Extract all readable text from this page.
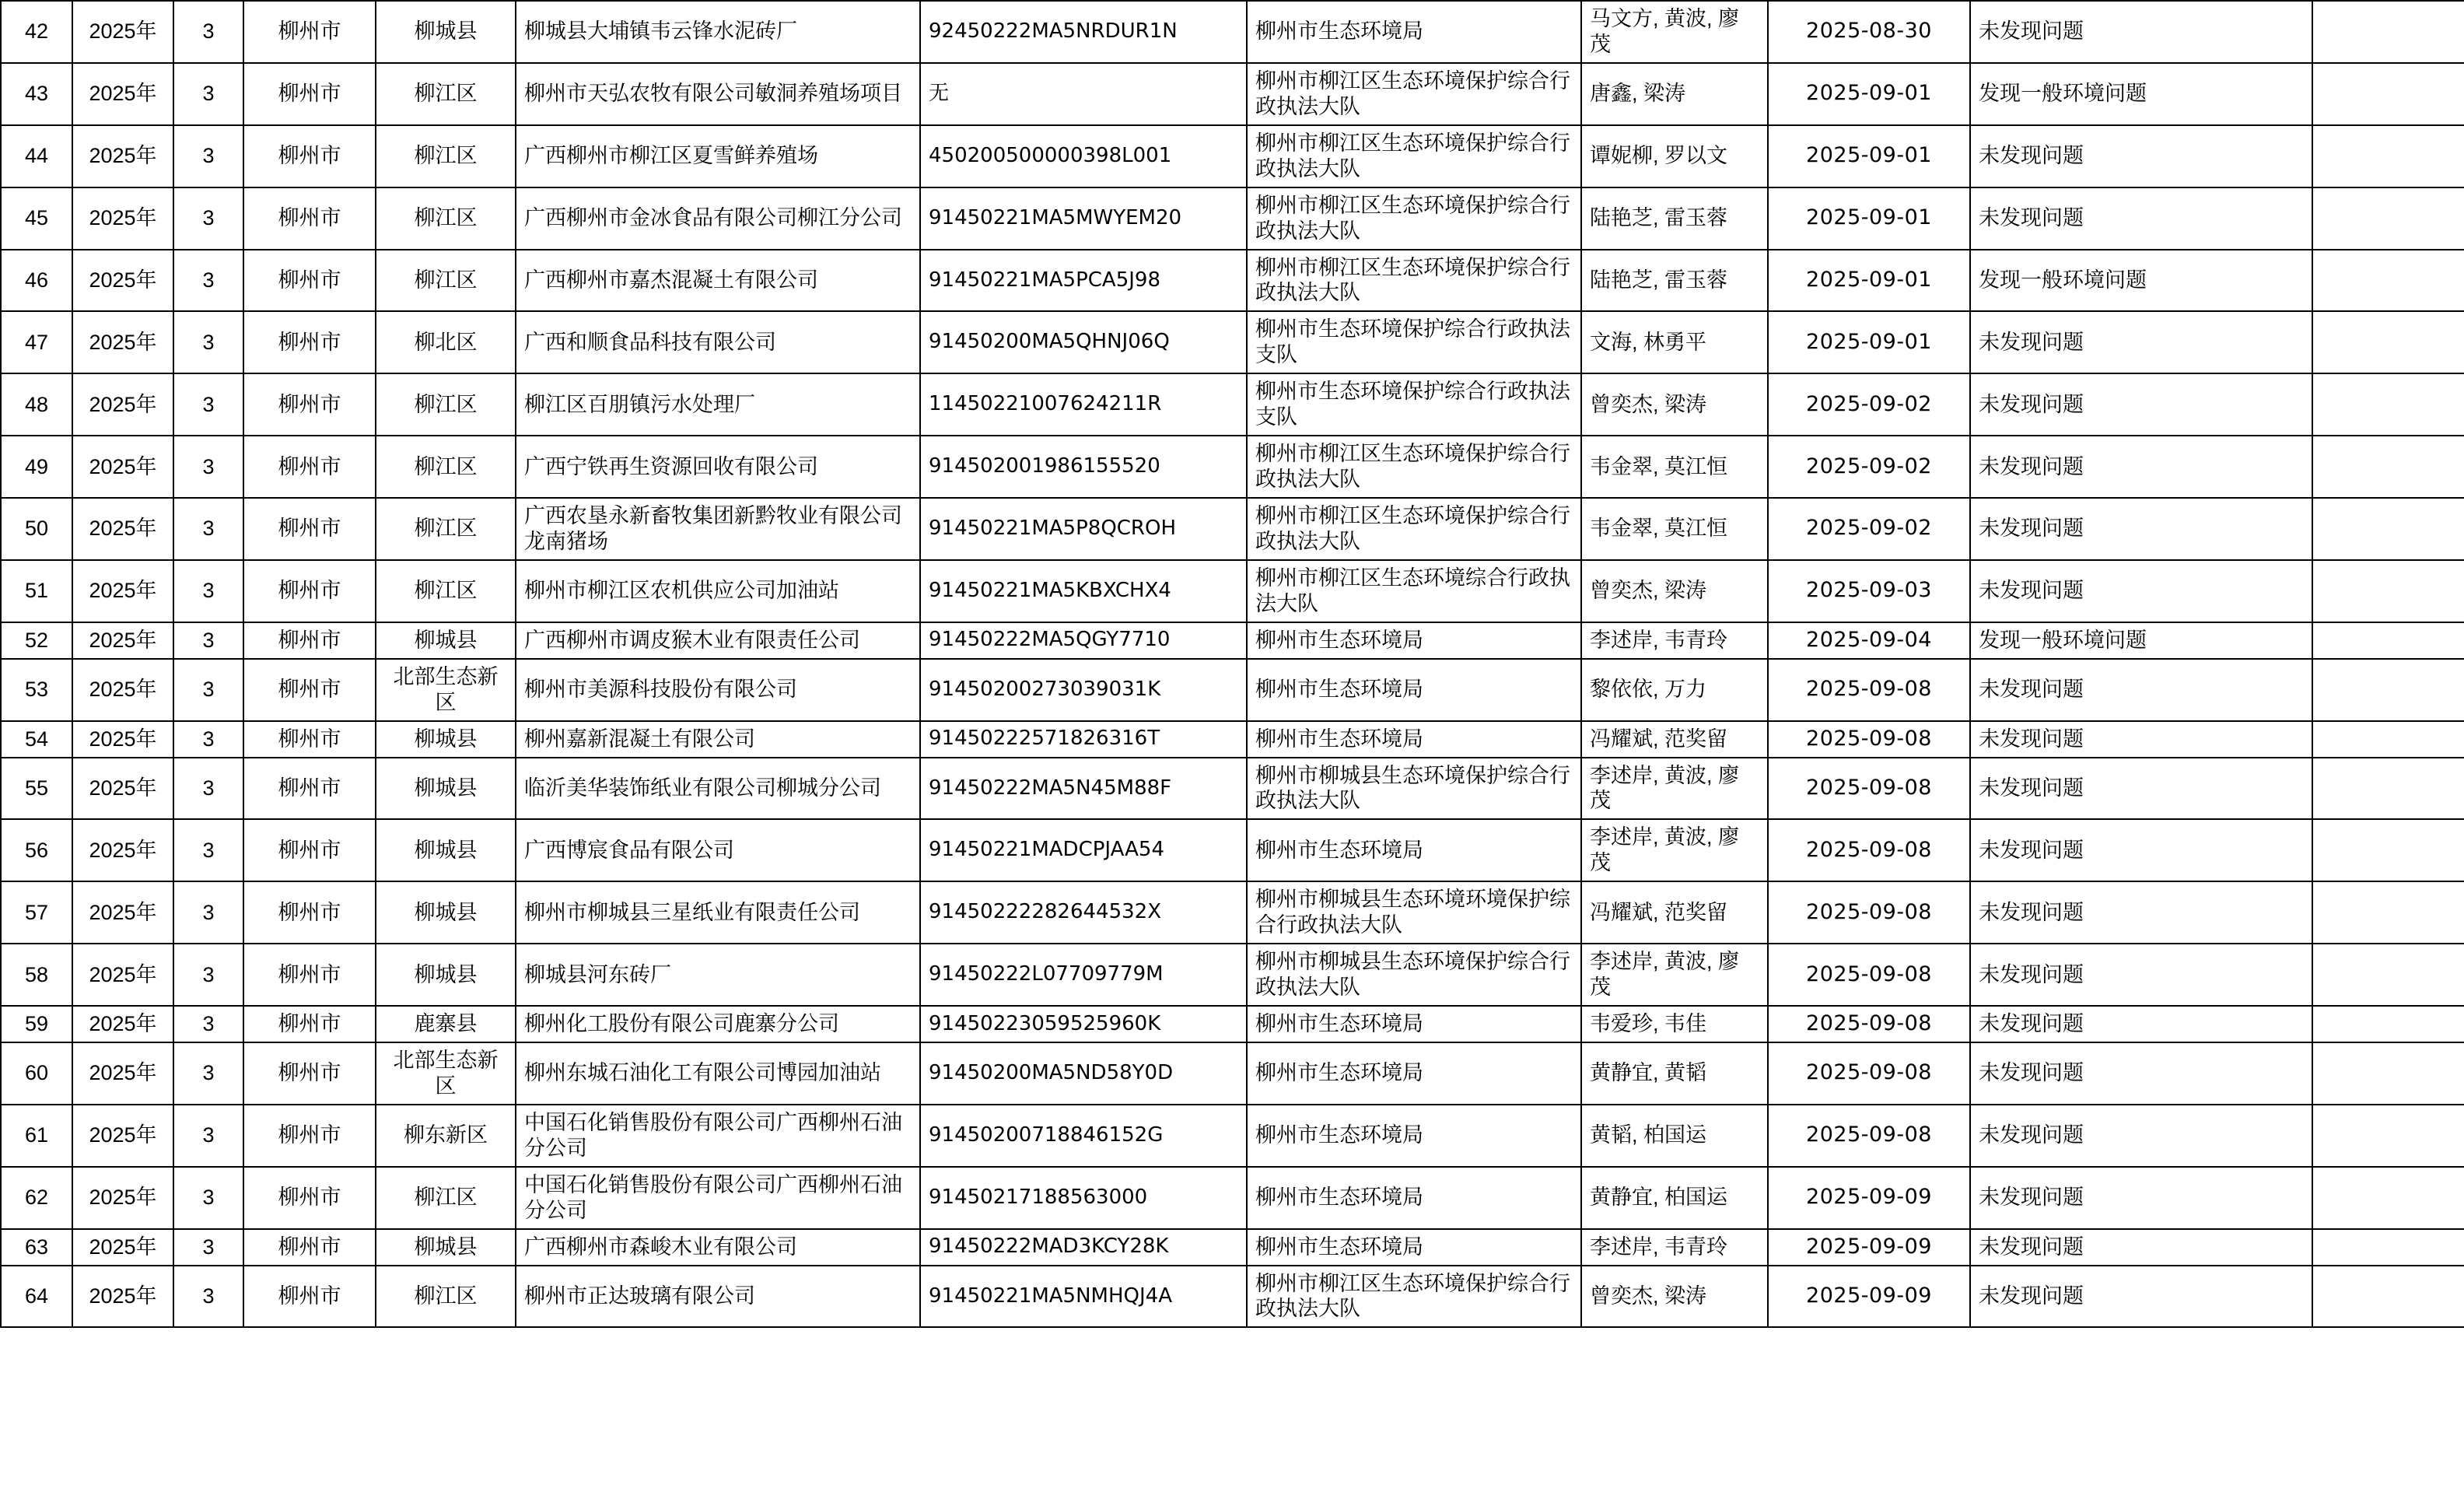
42	2025年	3	柳州市	柳城县	柳城县大埔镇韦云锋水泥砖厂	92450222MA5NRDUR1N	柳州市生态环境局	马文方, 黄波, 廖茂	2025-08-30	未发现问题	
43	2025年	3	柳州市	柳江区	柳州市天弘农牧有限公司敏洞养殖场项目	无	柳州市柳江区生态环境保护综合行政执法大队	唐鑫, 梁涛	2025-09-01	发现一般环境问题	
44	2025年	3	柳州市	柳江区	广西柳州市柳江区夏雪鲜养殖场	450200500000398L001	柳州市柳江区生态环境保护综合行政执法大队	谭妮柳, 罗以文	2025-09-01	未发现问题	
45	2025年	3	柳州市	柳江区	广西柳州市金冰食品有限公司柳江分公司	91450221MA5MWYEM20	柳州市柳江区生态环境保护综合行政执法大队	陆艳芝, 雷玉蓉	2025-09-01	未发现问题	
46	2025年	3	柳州市	柳江区	广西柳州市嘉杰混凝土有限公司	91450221MA5PCA5J98	柳州市柳江区生态环境保护综合行政执法大队	陆艳芝, 雷玉蓉	2025-09-01	发现一般环境问题	
47	2025年	3	柳州市	柳北区	广西和顺食品科技有限公司	91450200MA5QHNJ06Q	柳州市生态环境保护综合行政执法支队	文海, 林勇平	2025-09-01	未发现问题	
48	2025年	3	柳州市	柳江区	柳江区百朋镇污水处理厂	11450221007624211R	柳州市生态环境保护综合行政执法支队	曾奕杰, 梁涛	2025-09-02	未发现问题	
49	2025年	3	柳州市	柳江区	广西宁铁再生资源回收有限公司	914502001986155520	柳州市柳江区生态环境保护综合行政执法大队	韦金翠, 莫江恒	2025-09-02	未发现问题	
50	2025年	3	柳州市	柳江区	广西农垦永新畜牧集团新黔牧业有限公司龙南猪场	91450221MA5P8QCROH	柳州市柳江区生态环境保护综合行政执法大队	韦金翠, 莫江恒	2025-09-02	未发现问题	
51	2025年	3	柳州市	柳江区	柳州市柳江区农机供应公司加油站	91450221MA5KBXCHX4	柳州市柳江区生态环境综合行政执法大队	曾奕杰, 梁涛	2025-09-03	未发现问题	
52	2025年	3	柳州市	柳城县	广西柳州市调皮猴木业有限责任公司	91450222MA5QGY7710	柳州市生态环境局	李述岸, 韦青玲	2025-09-04	发现一般环境问题	
53	2025年	3	柳州市	北部生态新区	柳州市美源科技股份有限公司	91450200273039031K	柳州市生态环境局	黎依依, 万力	2025-09-08	未发现问题	
54	2025年	3	柳州市	柳城县	柳州嘉新混凝土有限公司	91450222571826316T	柳州市生态环境局	冯耀斌, 范奖留	2025-09-08	未发现问题	
55	2025年	3	柳州市	柳城县	临沂美华装饰纸业有限公司柳城分公司	91450222MA5N45M88F	柳州市柳城县生态环境保护综合行政执法大队	李述岸, 黄波, 廖茂	2025-09-08	未发现问题	
56	2025年	3	柳州市	柳城县	广西博宸食品有限公司	91450221MADCPJAA54	柳州市生态环境局	李述岸, 黄波, 廖茂	2025-09-08	未发现问题	
57	2025年	3	柳州市	柳城县	柳州市柳城县三星纸业有限责任公司	91450222282644532X	柳州市柳城县生态环境环境保护综合行政执法大队	冯耀斌, 范奖留	2025-09-08	未发现问题	
58	2025年	3	柳州市	柳城县	柳城县河东砖厂	91450222L07709779M	柳州市柳城县生态环境保护综合行政执法大队	李述岸, 黄波, 廖茂	2025-09-08	未发现问题	
59	2025年	3	柳州市	鹿寨县	柳州化工股份有限公司鹿寨分公司	91450223059525960K	柳州市生态环境局	韦爱珍, 韦佳	2025-09-08	未发现问题	
60	2025年	3	柳州市	北部生态新区	柳州东城石油化工有限公司博园加油站	91450200MA5ND58Y0D	柳州市生态环境局	黄静宜, 黄韬	2025-09-08	未发现问题	
61	2025年	3	柳州市	柳东新区	中国石化销售股份有限公司广西柳州石油分公司	91450200718846152G	柳州市生态环境局	黄韬, 柏国运	2025-09-08	未发现问题	
62	2025年	3	柳州市	柳江区	中国石化销售股份有限公司广西柳州石油分公司	91450217188563000	柳州市生态环境局	黄静宜, 柏国运	2025-09-09	未发现问题	
63	2025年	3	柳州市	柳城县	广西柳州市森峻木业有限公司	91450222MAD3KCY28K	柳州市生态环境局	李述岸, 韦青玲	2025-09-09	未发现问题	
64	2025年	3	柳州市	柳江区	柳州市正达玻璃有限公司	91450221MA5NMHQJ4A	柳州市柳江区生态环境保护综合行政执法大队	曾奕杰, 梁涛	2025-09-09	未发现问题	
